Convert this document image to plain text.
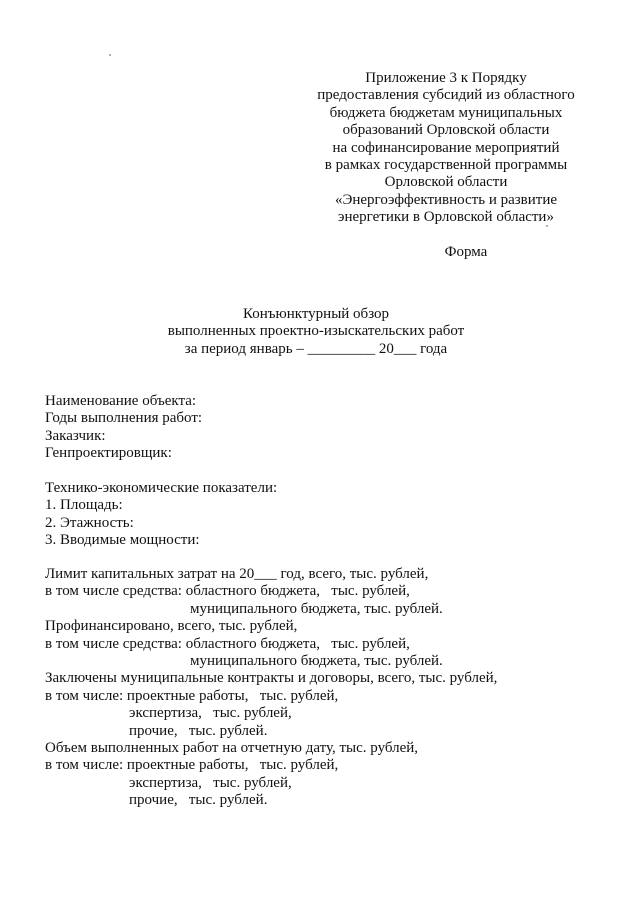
Приложение 3 к Порядку
предоставления субсидий из областного
бюджета бюджетам муниципальных
образований Орловской области
на софинансирование мероприятий
в рамках государственной программы
Орловской области
«Энергоэффективность и развитие
энергетики в Орловской области»
Форма
Конъюнктурный обзор
выполненных проектно-изыскательских работ
за период январь – _________ 20___ года
Наименование объекта:
Годы выполнения работ:
Заказчик:
Генпроектировщик:
Технико-экономические показатели:
1. Площадь:
2. Этажность:
3. Вводимые мощности:
Лимит капитальных затрат на 20___ год, всего, тыс. рублей,
в том числе средства: областного бюджета,   тыс. рублей,
муниципального бюджета, тыс. рублей.
Профинансировано, всего, тыс. рублей,
в том числе средства: областного бюджета,   тыс. рублей,
муниципального бюджета, тыс. рублей.
Заключены муниципальные контракты и договоры, всего, тыс. рублей,
в том числе: проектные работы,   тыс. рублей,
экспертиза,   тыс. рублей,
прочие,   тыс. рублей.
Объем выполненных работ на отчетную дату, тыс. рублей,
в том числе: проектные работы,   тыс. рублей,
экспертиза,   тыс. рублей,
прочие,   тыс. рублей.
